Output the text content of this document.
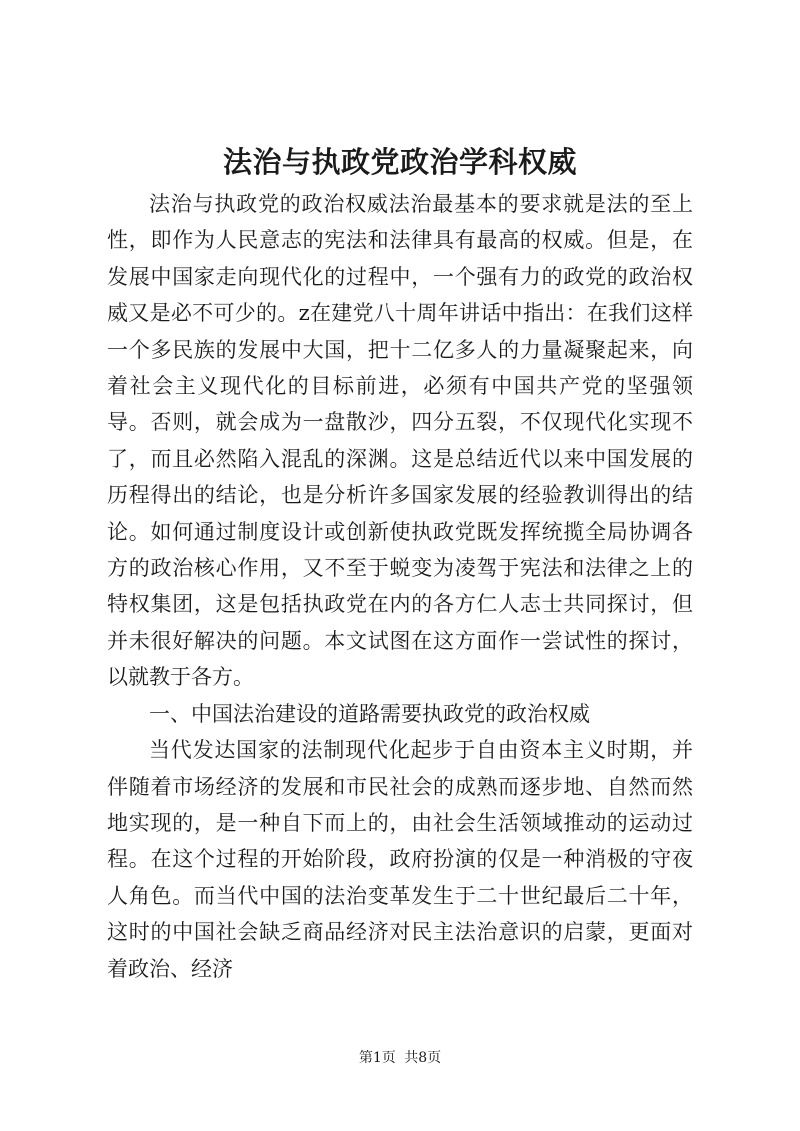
法治与执政党政治学科权威

法治与执政党的政治权威法治最基本的要求就是法的至上性，即作为人民意志的宪法和法律具有最高的权威。但是，在发展中国家走向现代化的过程中，一个强有力的政党的政治权威又是必不可少的。z在建党八十周年讲话中指出：在我们这样一个多民族的发展中大国，把十二亿多人的力量凝聚起来，向着社会主义现代化的目标前进，必须有中国共产党的坚强领导。否则，就会成为一盘散沙，四分五裂，不仅现代化实现不了，而且必然陷入混乱的深渊。这是总结近代以来中国发展的历程得出的结论，也是分析许多国家发展的经验教训得出的结论。如何通过制度设计或创新使执政党既发挥统揽全局协调各方的政治核心作用，又不至于蜕变为凌驾于宪法和法律之上的特权集团，这是包括执政党在内的各方仁人志士共同探讨，但并未很好解决的问题。本文试图在这方面作一尝试性的探讨，以就教于各方。

一、中国法治建设的道路需要执政党的政治权威

当代发达国家的法制现代化起步于自由资本主义时期，并伴随着市场经济的发展和市民社会的成熟而逐步地、自然而然地实现的，是一种自下而上的，由社会生活领域推动的运动过程。在这个过程的开始阶段，政府扮演的仅是一种消极的守夜人角色。而当代中国的法治变革发生于二十世纪最后二十年，这时的中国社会缺乏商品经济对民主法治意识的启蒙，更面对着政治、经济

第1页 共8页
